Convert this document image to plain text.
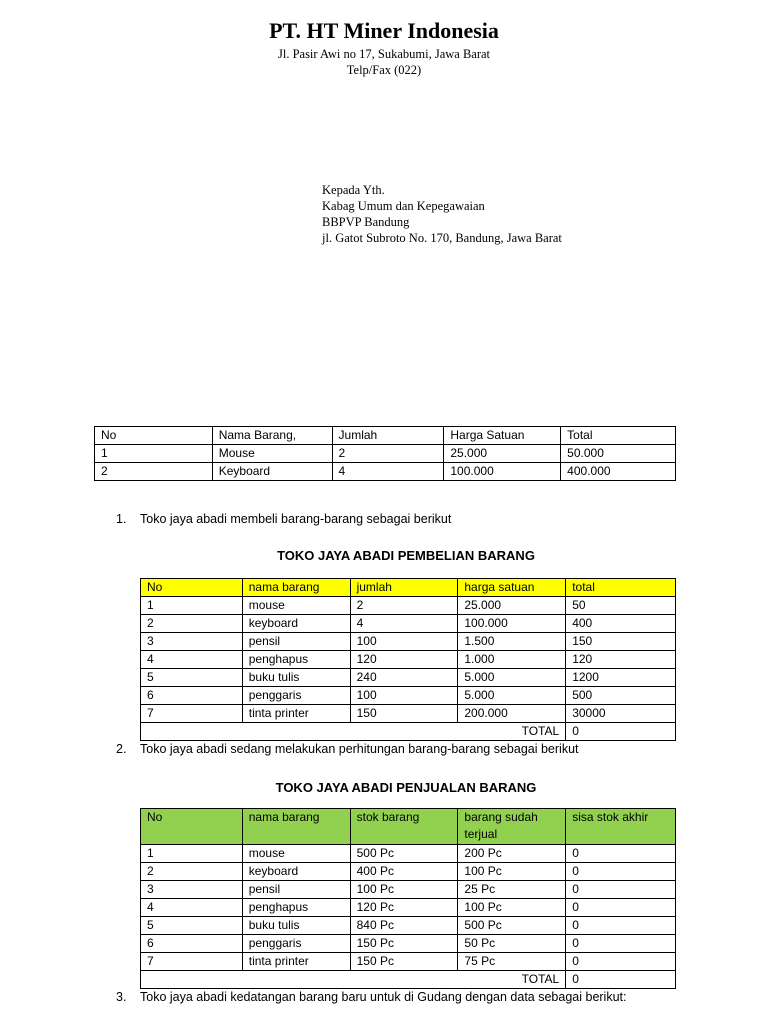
PT. HT Miner Indonesia
Jl. Pasir Awi no 17, Sukabumi, Jawa Barat
Telp/Fax (022)
Kepada Yth.
Kabag Umum dan Kepegawaian
BBPVP Bandung
jl. Gatot Subroto No. 170, Bandung, Jawa Barat
No	Nama Barang,	Jumlah	Harga Satuan	Total
1	Mouse	2	25.000	50.000
2	Keyboard	4	100.000	400.000
1. Toko jaya abadi membeli barang-barang sebagai berikut
TOKO JAYA ABADI PEMBELIAN BARANG
No	nama barang	jumlah	harga satuan	total
1	mouse	2	25.000	50
2	keyboard	4	100.000	400
3	pensil	100	1.500	150
4	penghapus	120	1.000	120
5	buku tulis	240	5.000	1200
6	penggaris	100	5.000	500
7	tinta printer	150	200.000	30000
TOTAL				0
2. Toko jaya abadi sedang melakukan perhitungan barang-barang sebagai berikut
TOKO JAYA ABADI PENJUALAN BARANG
No	nama barang	stok barang	barang sudah terjual	sisa stok akhir
1	mouse	500 Pc	200 Pc	0
2	keyboard	400 Pc	100 Pc	0
3	pensil	100 Pc	25 Pc	0
4	penghapus	120 Pc	100 Pc	0
5	buku tulis	840 Pc	500 Pc	0
6	penggaris	150 Pc	50 Pc	0
7	tinta printer	150 Pc	75 Pc	0
TOTAL				0
3. Toko jaya abadi kedatangan barang baru untuk di Gudang dengan data sebagai berikut:
